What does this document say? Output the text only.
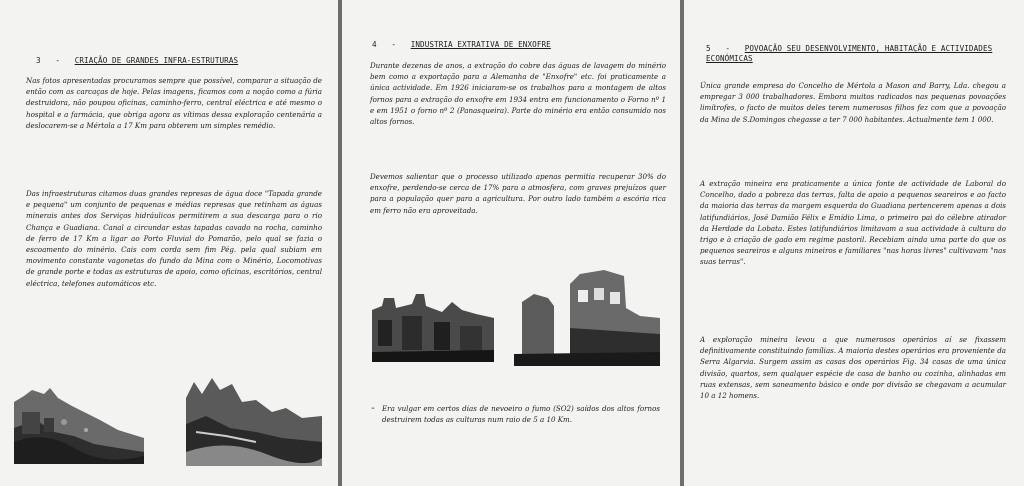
3 - CRIAÇÃO DE GRANDES INFRA-ESTRUTURAS
Nas fotos apresentadas procuramos sempre que possível, comparar a situação de então com as carcaças de hoje. Pelas imagens, ficamos com a noção como a fúria destruidora, não poupou oficinas, caminho-ferro, central eléctrica e até mesmo o hospital e a farmácia, que obriga agora as vítimas dessa exploração centenária a deslocarem-se a Mértola a 17 Km para obterem um simples remédio.
Das infraestruturas citamos duas grandes represas de água doce "Tapada grande e pequena" um conjunto de pequenas e médias represas que retinham as águas minerais antes dos Serviços hidráulicos permitirem a sua descarga para o rio Chança e Guadiana. Canal a circundar estas tapadas cavado na rocha, caminho de ferro de 17 Km a ligar ao Porto Fluvial do Pomarão, pelo qual se fazia o escoamento do minério. Cais com corda sem fim Pég. pela qual subiam em movimento constante vagonetas do fundo da Mina com o Minério, Locomotivas de grande porte e todas as estruturas de apoio, como oficinas, escritórios, central eléctrica, telefones automáticos etc.
4 - INDUSTRIA EXTRATIVA DE ENXOFRE
Durante dezenas de anos, a extração do cobre das águas de lavagem do minério bem como a exportação para a Alemanha de "Enxofre" etc. foi praticamente a única actividade. Em 1926 iniciaram-se os trabalhos para a montagem de altos fornos para a extração do enxofre em 1934 entra em funcionamento o Forno nº 1 e em 1951 o forno nº 2 (Panasqueira). Parte do minério era então consumido nos altos fornos.
Devemos salientar que o processo utilizado apenas permitia recuperar 30% do enxofre, perdendo-se cerca de 17% para a atmosfera, com graves prejuízos quer para a população quer para a agricultura. Por outro lado também a escória rica em ferro não era aproveitada.
- Era vulgar em certos dias de nevoeiro o fumo (SO2) saídos dos altos fornos destruirem todas as culturas num raio de 5 a 10 Km.
5 - POVOAÇÃO SEU DESENVOLVIMENTO, HABITAÇÃO E ACTIVIDADES ECONÓMICAS
Única grande empresa do Concelho de Mértola a Mason and Barry, Lda. chegou a empregar 3 000 trabalhadores. Embora muitos radicados nas pequenas povoações limítrofes, o facto de muitos deles terem numerosos filhos fez com que a povoação da Mina de S.Domingos chegasse a ter 7 000 habitantes. Actualmente tem 1 000.
A extração mineira era praticamente a única fonte de actividade de Laboral do Concelho, dado a pobreza das terras, falta de apoio a pequenos seareiros e ao facto da maioria das terras da margem esquerda do Guadiana pertencerem apenas a dois latifundiários, José Damião Félix e Emídio Lima, o primeiro pai do célebre atirador da Herdade da Lobata. Estes latifundiários limitavam a sua actividade à cultura do trigo e à criação de gado em regime pastoril. Recebiam ainda uma parte do que os pequenos seareiros e alguns mineiros e familiares "nas horas livres" cultivavam "nas suas terras".
A exploração mineira levou a que numerosos operários aí se fixassem definitivamente constituindo famílias. A maioria destes operários era proveniente da Serra Algarvia. Surgem assim as casas dos operários Fig. 34 casas de uma única divisão, quartos, sem qualquer espécie de casa de banho ou cozinha, alinhadas em ruas extensas, sem saneamento básico e onde por divisão se chegavam a acumular 10 a 12 homens.
